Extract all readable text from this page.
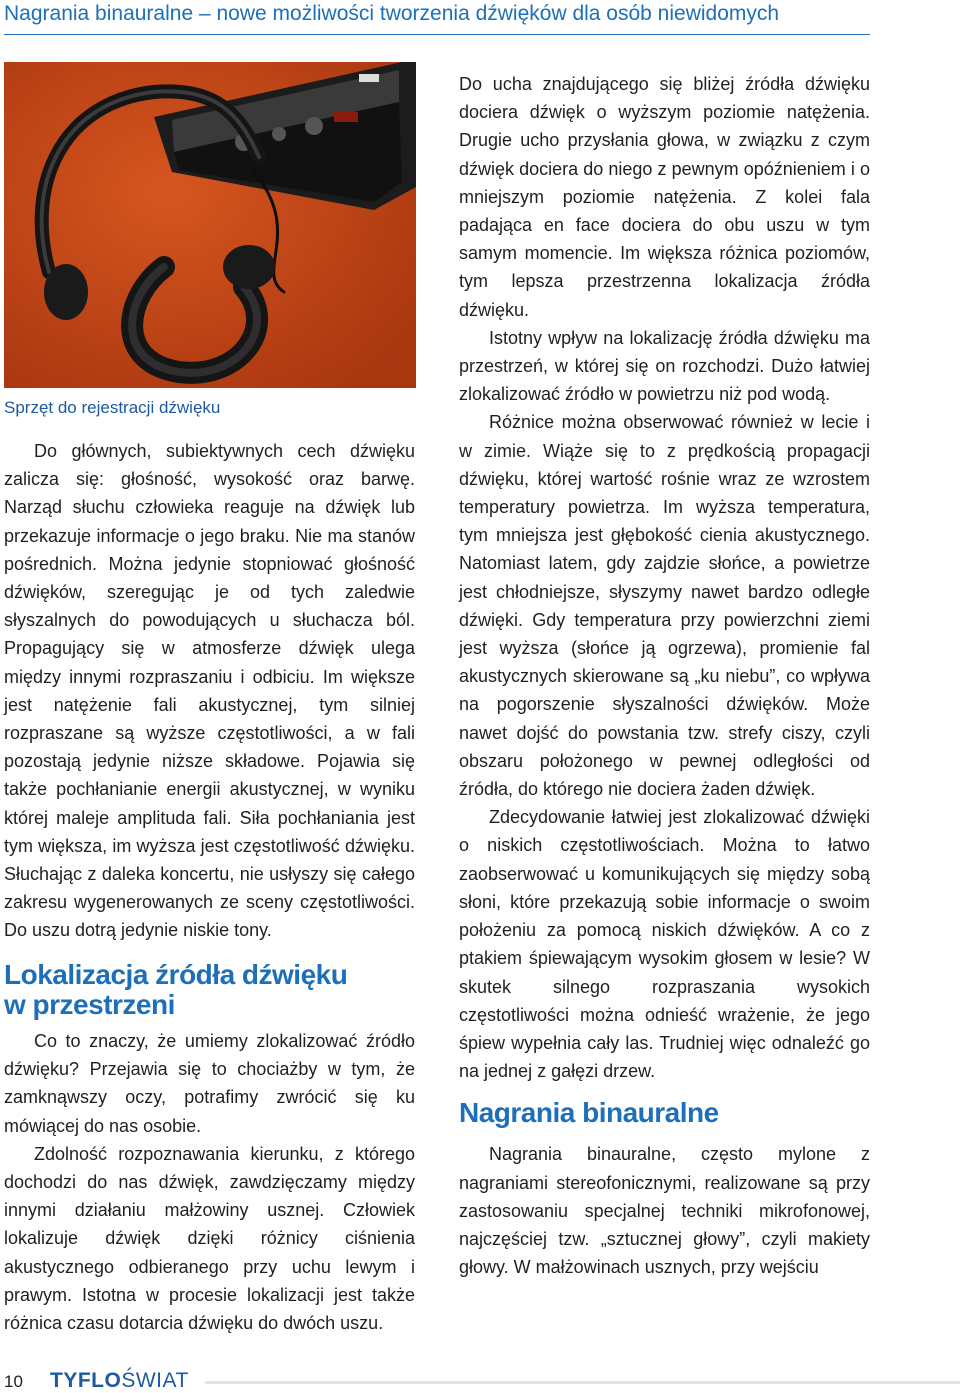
Nagrania binauralne – nowe możliwości tworzenia dźwięków dla osób niewidomych
Sprzęt do rejestracji dźwięku

Do głównych, subiektywnych cech dźwięku zalicza się: głośność, wysokość oraz barwę. Narząd słuchu człowieka reaguje na dźwięk lub przekazuje informacje o jego braku. Nie ma stanów pośrednich. Można jedynie stopniować głośność dźwięków, szeregując je od tych zaledwie słyszalnych do powodujących u słuchacza ból. Propagujący się w atmosferze dźwięk ulega między innymi rozpraszaniu i odbiciu. Im większe jest natężenie fali akustycznej, tym silniej rozpraszane są wyższe częstotliwości, a w fali pozostają jedynie niższe składowe. Pojawia się także pochłanianie energii akustycznej, w wyniku której maleje amplituda fali. Siła pochłaniania jest tym większa, im wyższa jest częstotliwość dźwięku. Słuchając z daleka koncertu, nie usłyszy się całego zakresu wygenerowanych ze sceny częstotliwości. Do uszu dotrą jedynie niskie tony.

Lokalizacja źródła dźwięku
w przestrzeni

Co to znaczy, że umiemy zlokalizować źródło dźwięku? Przejawia się to chociażby w tym, że zamknąwszy oczy, potrafimy zwrócić się ku mówiącej do nas osobie.

Zdolność rozpoznawania kierunku, z którego dochodzi do nas dźwięk, zawdzięczamy między innymi działaniu małżowiny usznej. Człowiek lokalizuje dźwięk dzięki różnicy ciśnienia akustycznego odbieranego przy uchu lewym i prawym. Istotna w procesie lokalizacji jest także różnica czasu dotarcia dźwięku do dwóch uszu.

Do ucha znajdującego się bliżej źródła dźwięku dociera dźwięk o wyższym poziomie natężenia. Drugie ucho przysłania głowa, w związku z czym dźwięk dociera do niego z pewnym opóźnieniem i o mniejszym poziomie natężenia. Z kolei fala padająca en face dociera do obu uszu w tym samym momencie. Im większa różnica poziomów, tym lepsza przestrzenna lokalizacja źródła dźwięku.

Istotny wpływ na lokalizację źródła dźwięku ma przestrzeń, w której się on rozchodzi. Dużo łatwiej zlokalizować źródło w powietrzu niż pod wodą.

Różnice można obserwować również w lecie i w zimie. Wiąże się to z prędkością propagacji dźwięku, której wartość rośnie wraz ze wzrostem temperatury powietrza. Im wyższa temperatura, tym mniejsza jest głębokość cienia akustycznego. Natomiast latem, gdy zajdzie słońce, a powietrze jest chłodniejsze, słyszymy nawet bardzo odległe dźwięki. Gdy temperatura przy powierzchni ziemi jest wyższa (słońce ją ogrzewa), promienie fal akustycznych skierowane są „ku niebu”, co wpływa na pogorszenie słyszalności dźwięków. Może nawet dojść do powstania tzw. strefy ciszy, czyli obszaru położonego w pewnej odległości od źródła, do którego nie dociera żaden dźwięk.

Zdecydowanie łatwiej jest zlokalizować dźwięki o niskich częstotliwościach. Można to łatwo zaobserwować u komunikujących się między sobą słoni, które przekazują sobie informacje o swoim położeniu za pomocą niskich dźwięków. A co z ptakiem śpiewającym wysokim głosem w lesie? W skutek silnego rozpraszania wysokich częstotliwości można odnieść wrażenie, że jego śpiew wypełnia cały las. Trudniej więc odnaleźć go na jednej z gałęzi drzew.

Nagrania binauralne

Nagrania binauralne, często mylone z nagraniami stereofonicznymi, realizowane są przy zastosowaniu specjalnej techniki mikrofonowej, najczęściej tzw. „sztucznej głowy”, czyli makiety głowy. W małżowinach usznych, przy wejściu

10 TYFLOŚWIAT
